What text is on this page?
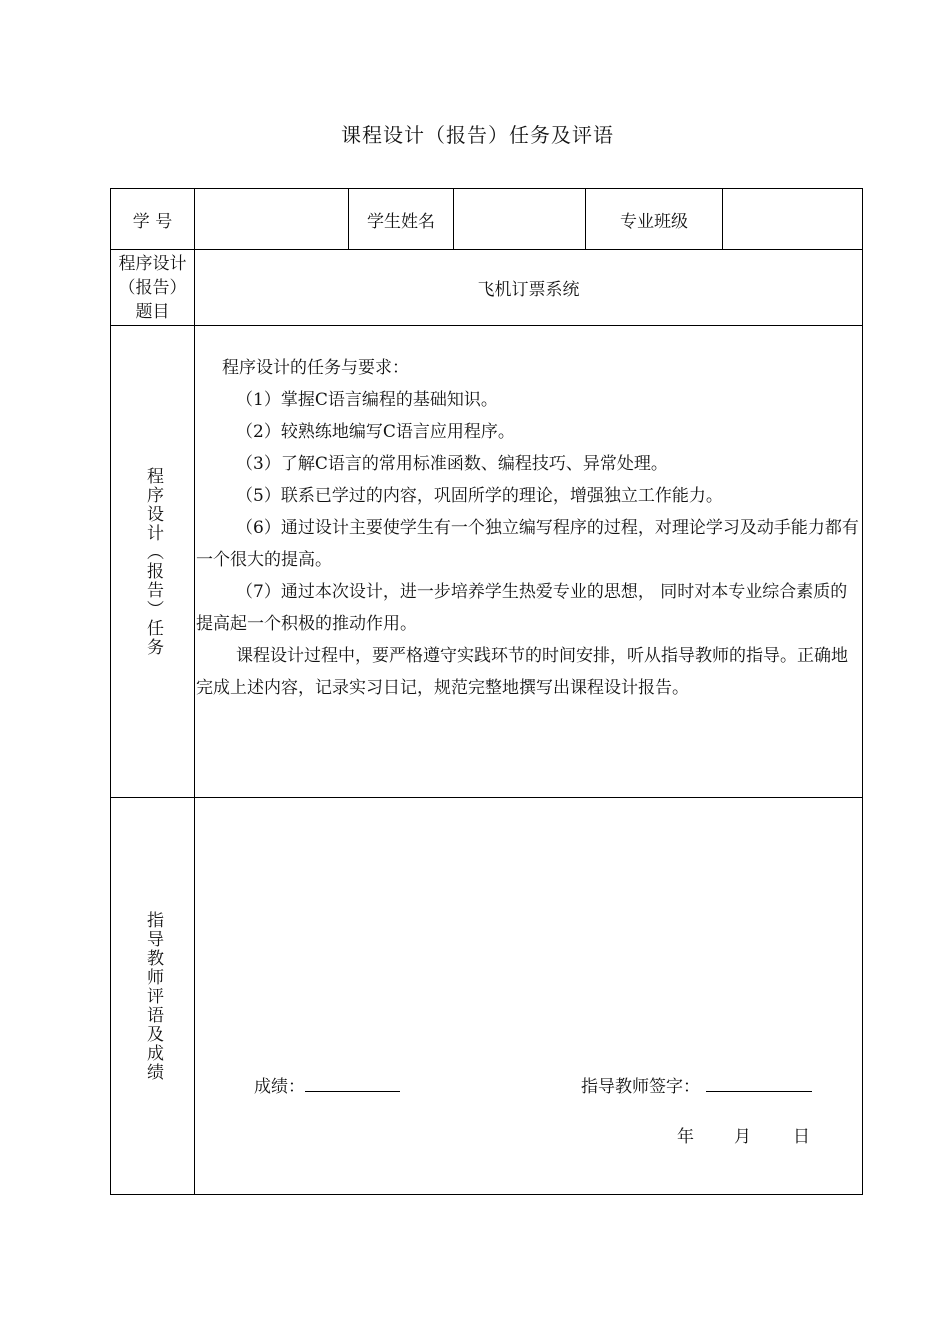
课程设计（报告）任务及评语
学 号	学生姓名	专业班级
程序设计（报告）题目
飞机订票系统
程序设计（报告）任务

程序设计的任务与要求：

（1）掌握C语言编程的基础知识。

（2）较熟练地编写C语言应用程序。

（3）了解C语言的常用标准函数、编程技巧、异常处理。

（5）联系已学过的内容，巩固所学的理论，增强独立工作能力。

（6）通过设计主要使学生有一个独立编写程序的过程，对理论学习及动手能力都有一个很大的提高。

（7）通过本次设计，进一步培养学生热爱专业的思想， 同时对本专业综合素质的提高起一个积极的推动作用。

课程设计过程中，要严格遵守实践环节的时间安排，听从指导教师的指导。正确地完成上述内容，记录实习日记，规范完整地撰写出课程设计报告。

指导教师评语及成绩
成绩：	指导教师签字：
年 月 日
